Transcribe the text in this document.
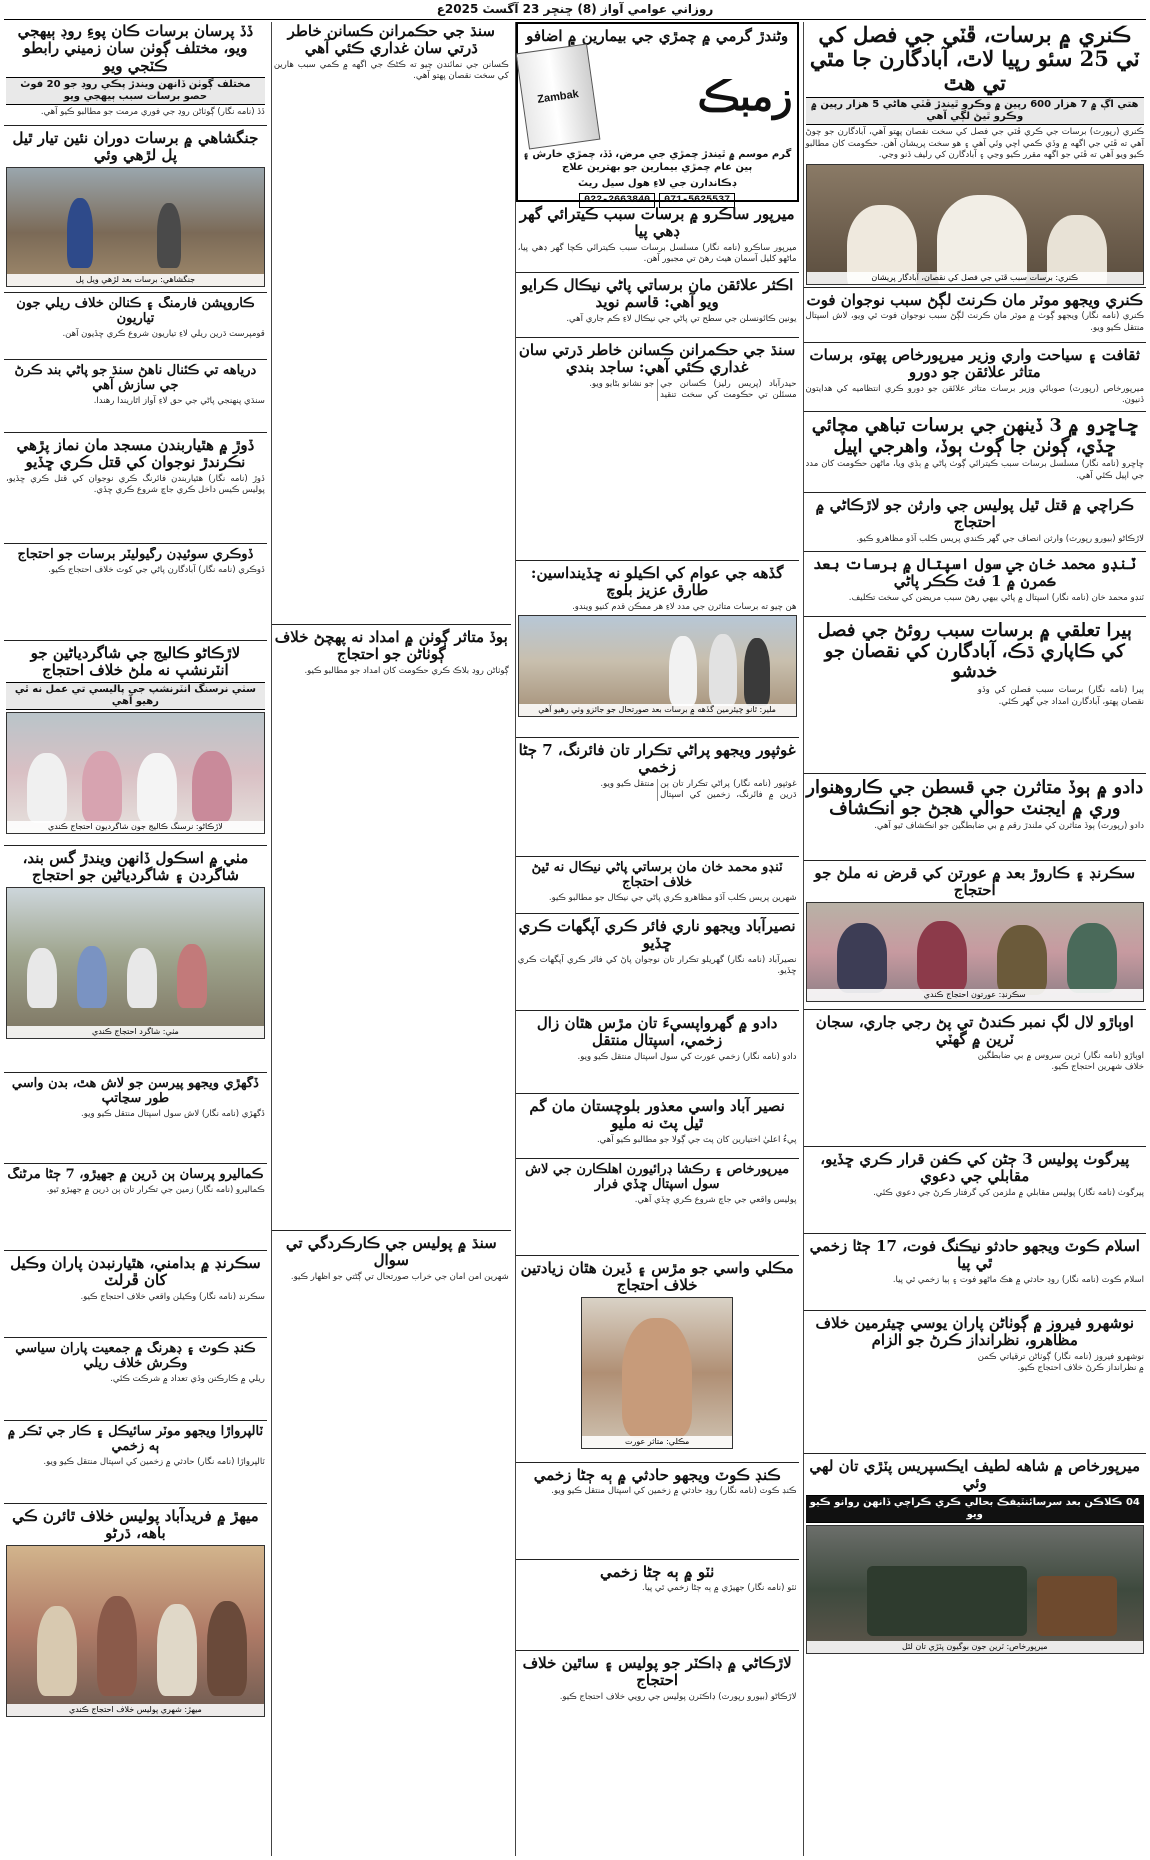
روزاني عوامي آواز (8) ڇنڇر 23 آگسٽ 2025ع

ڪنري ۾ برسات، ڦٽي جي فصل کي ٽي 25 سئو رپيا لاٿ، آبادگارن جا مٿي تي هٿ

هتي اڳ ۾ 7 هزار 600 رپين ۾ وڪرو ٿيندڙ ڦٽي هاڻي 5 هزار رپين ۾ وڪرو ٿيڻ لڳي آهي

ڪنري (رپورٽ) برسات جي ڪري ڦٽي جي فصل کي سخت نقصان پهتو آهي، آبادگارن جو چوڻ آهي ته ڦٽي جي اگهه ۾ وڏي ڪمي اچي وئي آهي ۽ هو سخت پريشان آهن. حڪومت کان مطالبو ڪيو ويو آهي ته ڦٽي جو اگهه مقرر ڪيو وڃي ۽ آبادگارن کي رليف ڏنو وڃي.

ڪنري: برسات سبب ڦٽي جي فصل کي نقصان، آبادگار پريشان

ڪنري ويجهو موٽر مان ڪرنٽ لڳڻ سبب نوجوان فوت

ڪنري (نامه نگار) ويجهو ڳوٺ ۾ موٽر مان ڪرنٽ لڳڻ سبب نوجوان فوت ٿي ويو، لاش اسپتال منتقل ڪيو ويو.

ثقافت ۽ سياحت واري وزير ميرپورخاص پهتو، برسات متاثر علائقن جو دورو

ميرپورخاص (رپورٽ) صوبائي وزير برسات متاثر علائقن جو دورو ڪري انتظاميه کي هدايتون ڏنيون.

ڇاڇرو ۾ 3 ڏينهن جي برسات تباهي مچائي ڇڏي، ڳوٺن جا ڳوٺ ٻوڏ، واهرجي اپيل

ڇاڇرو (نامه نگار) مسلسل برسات سبب ڪيترائي ڳوٺ پاڻي ۾ ٻڏي ويا، ماڻهن حڪومت کان مدد جي اپيل ڪئي آهي.

ڪراچي ۾ قتل ٿيل پوليس جي وارثن جو لاڙڪاڻي ۾ احتجاج

لاڙڪاڻو (بيورو رپورٽ) وارثن انصاف جي گهر ڪندي پريس ڪلب آڏو مظاهرو ڪيو.

ٽنڊو محمد خان جي سول اسپتال ۾ برسات بعد ڪمرن ۾ 1 فٽ ڪڪر پاڻي

ٽنڊو محمد خان (نامه نگار) اسپتال ۾ پاڻي بيهي رهڻ سبب مريضن کي سخت تڪليف.

ٻيرا تعلقي ۾ برسات سبب روئڻ جي فصل کي ڪاپاري ڌڪ، آبادگارن کي نقصان جو خدشو

ٻيرا (نامه نگار) برسات سبب فصلن کي وڏو نقصان پهتو، آبادگارن امداد جي گهر ڪئي.

دادو ۾ ٻوڏ متاثرن جي قسطن جي ڪاروهنوار وري ۾ ايجنٽ حوالي هجڻ جو انڪشاف

دادو (رپورٽ) ٻوڏ متاثرن کي ملندڙ رقم ۾ بي ضابطگين جو انڪشاف ٿيو آهي.

سڪرنڊ ۽ ڪاروڙ بعد ۾ عورتن کي قرض نه ملڻ جو احتجاج

سڪرنڊ: عورتون احتجاج ڪندي

اوٻاڙو لال لڳ نمبر ڪندڻ تي پڻ رجي جاري، سجان ٽرين ۾ گهٽي

اوٻاڙو (نامه نگار) ٽرين سروس ۾ بي ضابطگين خلاف شهرين احتجاج ڪيو.

پيرگوٺ پوليس 3 ڄڻن کي ڪفن قرار ڪري ڇڏيو، مقابلي جي دعوي

پيرگوٺ (نامه نگار) پوليس مقابلي ۾ ملزمن کي گرفتار ڪرڻ جي دعوي ڪئي.

اسلام ڪوٽ ويجهو حادثو نيڪنگ فوت، 17 ڄڻا زخمي ٿي پيا

اسلام ڪوٽ (نامه نگار) روڊ حادثي ۾ هڪ ماڻهو فوت ۽ ٻيا زخمي ٿي پيا.

نوشهرو فيروز ۾ ڳوٺاڻن پاران يوسي چيئرمين خلاف مظاهرو، نظرانداز ڪرڻ جو الزام

نوشهرو فيروز (نامه نگار) ڳوٺاڻن ترقياتي ڪمن ۾ نظرانداز ڪرڻ خلاف احتجاج ڪيو.

ميرپورخاص ۾ شاهه لطيف ايڪسپريس پٽڙي تان لهي وئي

04 ڪلاڪن بعد سرسائنٽيفڪ بحالي ڪري ڪراچي ڏانهن روانو ڪيو ويو

ميرپورخاص: ٽرين جون بوگيون پٽڙي تان لٿل

وڻندڙ گرمي ۾ چمڙي جي بيمارين ۾ اضافو

زمبڪ
Zambak
گرم موسم ۾ ٿيندڙ چمڙي جي مرض، ڏڏ، چمڙي خارش ۽ ٻين عام چمڙي بيمارين جو بهترين علاج
ڊڪاندارن جي لاءِ هول سيل ريٽ
071-5625537
022-2663840

ميرپور ساڪرو ۾ برسات سبب ڪيترائي گهر ڊهي پيا

ميرپور ساڪرو (نامه نگار) مسلسل برسات سبب ڪيترائي ڪچا گهر ڊهي پيا، ماڻهو کليل آسمان هيٺ رهڻ تي مجبور آهن.

اڪثر علائقن مان برساتي پاڻي نيڪال ڪرايو ويو آهي: قاسم نويد

يونين ڪائونسلن جي سطح تي پاڻي جي نيڪال لاءِ ڪم جاري آهي.

سنڌ جي حڪمرانن ڪسانن خاطر ڌرتي سان غداري ڪئي آهي: ساجد بندي

حيدرآباد (پريس رليز) ڪسانن جي مسئلن تي حڪومت کي سخت تنقيد جو نشانو بڻايو ويو.

گڏهه جي عوام کي اڪيلو نه ڇڏينداسين: طارق عزيز بلوچ

هن چيو ته برسات متاثرن جي مدد لاءِ هر ممڪن قدم کنيو ويندو.

ملير: ٿانو چيئرمين گڏهه ۾ برسات بعد صورتحال جو جائزو وٺي رهيو آهي

غوثپور ويجهو پراڻي تڪرار تان فائرنگ، 7 ڄڻا زخمي

غوثپور (نامه نگار) پراڻي تڪرار تان ٻن ڌرين ۾ فائرنگ، زخمين کي اسپتال منتقل ڪيو ويو.

ٽنڊو محمد خان مان برساتي پاڻي نيڪال نه ٿيڻ خلاف احتجاج

شهرين پريس ڪلب آڏو مظاهرو ڪري پاڻي جي نيڪال جو مطالبو ڪيو.

نصيرآباد ويجهو ناري فائر ڪري آپگهات ڪري ڇڏيو

نصيرآباد (نامه نگار) گهريلو تڪرار تان نوجوان پاڻ کي فائر ڪري آپگهات ڪري ڇڏيو.

دادو ۾ گهرواپسيءَ تان مڙس هٿان زال زخمي، اسپتال منتقل

دادو (نامه نگار) زخمي عورت کي سول اسپتال منتقل ڪيو ويو.

نصير آباد واسي معذور بلوچستان مان گم ٿيل پٽ نه مليو

پيءُ اعليٰ اختيارين کان پٽ جي ڳولا جو مطالبو ڪيو آهي.

ميرپورخاص ۽ رڪشا ڊرائيورن اهلڪارن جي لاش سول اسپتال ڇڏي فرار

پوليس واقعي جي جاچ شروع ڪري ڇڏي آهي.

مڪلي واسي جو مڙس ۽ ڏيرن هٿان زيادتين خلاف احتجاج

مڪلي: متاثر عورت

ڪنڊ ڪوٽ ويجهو حادثي ۾ ٻه ڄڻا زخمي

ڪنڊ ڪوٽ (نامه نگار) روڊ حادثي ۾ زخمين کي اسپتال منتقل ڪيو ويو.

ٺٽو ۾ ٻه ڄڻا زخمي

ٺٽو (نامه نگار) جهيڙي ۾ ٻه ڄڻا زخمي ٿي پيا.

لاڙڪاڻي ۾ ڊاڪٽر جو پوليس ۽ ساٿين خلاف احتجاج

لاڙڪاڻو (بيورو رپورٽ) ڊاڪٽرن پوليس جي رويي خلاف احتجاج ڪيو.

سنڌ جي حڪمرانن ڪسانن خاطر ڌرتي سان غداري ڪئي آهي

ڪسانن جي نمائندن چيو ته ڪڻڪ جي اگهه ۾ ڪمي سبب هارين کي سخت نقصان پهتو آهي.

ٻوڏ متاثر ڳوٺن ۾ امداد نه پهچڻ خلاف ڳوٺاڻن جو احتجاج

ڳوٺاڻن روڊ بلاڪ ڪري حڪومت کان امداد جو مطالبو ڪيو.

سنڌ ۾ پوليس جي ڪارڪردگي تي سوال

شهرين امن امان جي خراب صورتحال تي ڳڻتي جو اظهار ڪيو.

ڏڏ پرسان برسات ڪان پوءِ روڊ ٻيهجي ويو، مختلف ڳوٺن سان زميني رابطو ڪٽجي ويو

مختلف ڳوٺن ڏانهن ويندڙ پڪي روڊ جو 20 فوٽ حصو برسات سبب ٻيهجي ويو

ڏڏ (نامه نگار) ڳوٺاڻن روڊ جي فوري مرمت جو مطالبو ڪيو آهي.

جنگشاهي ۾ برسات دوران نئين تيار ٿيل پل لڙهي وئي

جنگشاهي: برسات بعد لڙهي ويل پل

ڪاروپشن فارمنگ ۽ ڪنالن خلاف ريلي جون تياريون

قومپرست ڌرين ريلي لاءِ تياريون شروع ڪري ڇڏيون آهن.

درياهه تي ڪئنال ناهڻ سنڌ جو پاڻي بند ڪرڻ جي سازش آهي

سنڌي پنهنجي پاڻي جي حق لاءِ آواز اٿاريندا رهندا.

ڏوڙ ۾ هٿياربندن مسجد مان نماز پڙهي نڪرندڙ نوجوان کي قتل ڪري ڇڏيو

ڏوڙ (نامه نگار) هٿياربندن فائرنگ ڪري نوجوان کي قتل ڪري ڇڏيو، پوليس ڪيس داخل ڪري جاچ شروع ڪري ڇڏي.

ڏوڪري سوئيڊن رگيوليٽر برسات جو احتجاج

ڏوڪري (نامه نگار) آبادگارن پاڻي جي کوٽ خلاف احتجاج ڪيو.

لاڙڪاڻو ڪاليج جي شاگردياڻين جو انٽرنشپ نه ملڻ خلاف احتجاج

سٺي نرسنگ انٽرنشپ جي پاليسي تي عمل نه ٿي رهيو آهي

لاڙڪاڻو: نرسنگ ڪاليج جون شاگرديون احتجاج ڪندي

مٺي ۾ اسڪول ڏانهن ويندڙ گس بند، شاگردن ۽ شاگردياڻين جو احتجاج

مٺي: شاگرد احتجاج ڪندي

ڏگهڙي ويجهو پيرسن جو لاش هٿ، بدن واسي طور سڃاتپ

ڏگهڙي (نامه نگار) لاش سول اسپتال منتقل ڪيو ويو.

ڪماليرو پرسان ٻن ڌرين ۾ جهيڙو، 7 ڄڻا مرڻنگ

ڪماليرو (نامه نگار) زمين جي تڪرار تان ٻن ڌرين ۾ جهيڙو ٿيو.

سڪرنڊ ۾ بدامني، هٿيارنبدن پاران وڪيل کان ڦرلٽ

سڪرنڊ (نامه نگار) وڪيلن واقعي خلاف احتجاج ڪيو.

ڪنڊ ڪوٽ ۽ ڊهرنگ ۾ جمعيت پاران سياسي وڪرش خلاف ريلي

ريلي ۾ ڪارڪنن وڏي تعداد ۾ شرڪت ڪئي.

ٽالپرواڙا ويجهو موٽر سائيڪل ۽ ڪار جي ٽڪر ۾ ٻه زخمي

ٽالپرواڙا (نامه نگار) حادثي ۾ زخمين کي اسپتال منتقل ڪيو ويو.

ميهڙ ۾ فريدآباد پوليس خلاف ٿائرن ڪي باهه، ڌرڻو

ميهڙ: شهري پوليس خلاف احتجاج ڪندي
